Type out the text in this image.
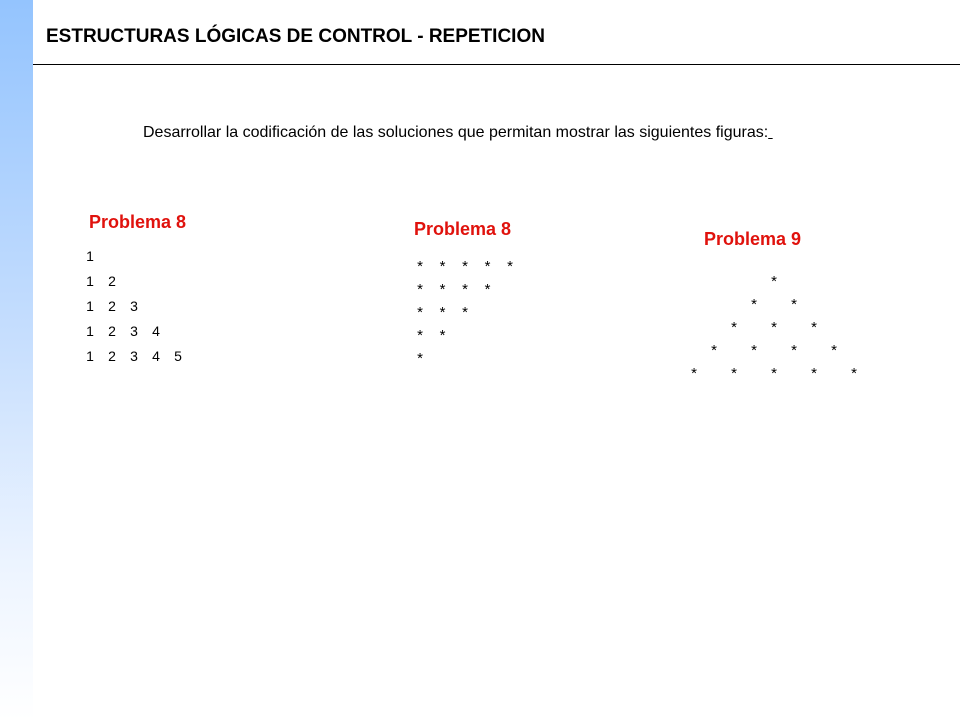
ESTRUCTURAS LÓGICAS DE CONTROL - REPETICION
Desarrollar la codificación de las soluciones que permitan mostrar las siguientes figuras:
Problema 8	Problema 8	Problema 9
1
1 2
1 2 3
1 2 3 4
1 2 3 4 5
* * * * *
* * * *
* * *
* *
*
*
* *
* * *
* * * *
* * * * *
